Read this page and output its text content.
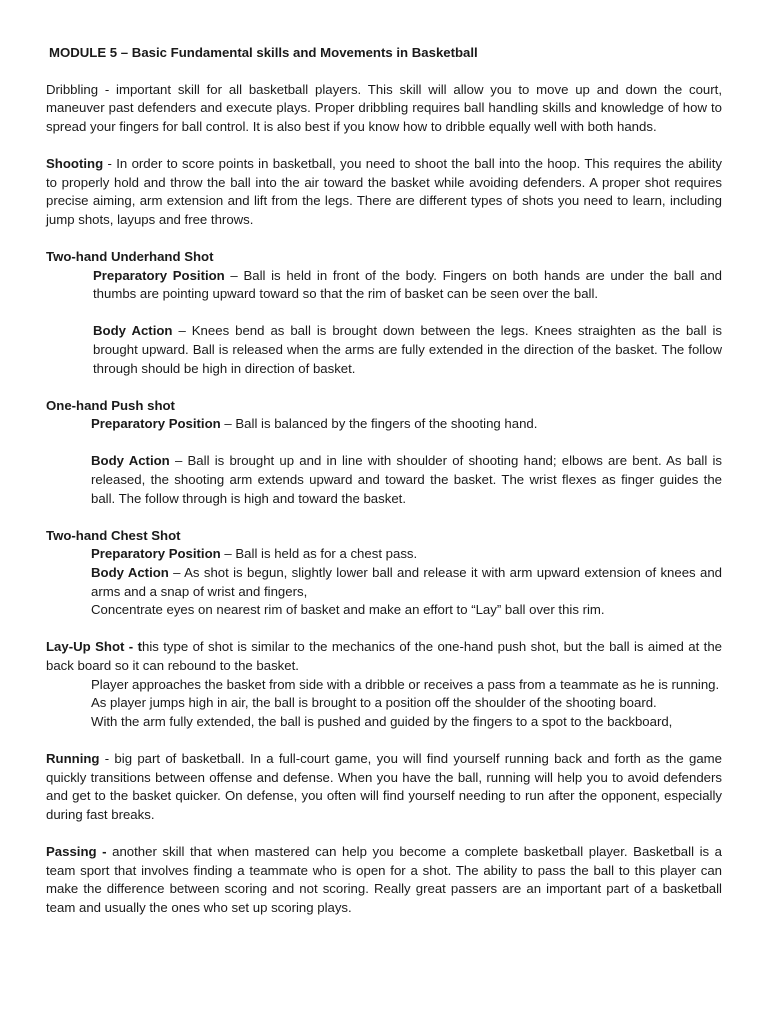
MODULE 5 – Basic Fundamental skills and Movements in Basketball

Dribbling - important skill for all basketball players. This skill will allow you to move up and down the court, maneuver past defenders and execute plays. Proper dribbling requires ball handling skills and knowledge of how to spread your fingers for ball control. It is also best if you know how to dribble equally well with both hands.

Shooting - In order to score points in basketball, you need to shoot the ball into the hoop. This requires the ability to properly hold and throw the ball into the air toward the basket while avoiding defenders. A proper shot requires precise aiming, arm extension and lift from the legs. There are different types of shots you need to learn, including jump shots, layups and free throws.

Two-hand Underhand Shot

Preparatory Position – Ball is held in front of the body. Fingers on both hands are under the ball and thumbs are pointing upward toward so that the rim of basket can be seen over the ball.

Body Action – Knees bend as ball is brought down between the legs. Knees straighten as the ball is brought upward. Ball is released when the arms are fully extended in the direction of the basket. The follow through should be high in direction of basket.

One-hand Push shot

Preparatory Position – Ball is balanced by the fingers of the shooting hand.

Body Action – Ball is brought up and in line with shoulder of shooting hand; elbows are bent. As ball is released, the shooting arm extends upward and toward the basket. The wrist flexes as finger guides the ball. The follow through is high and toward the basket.

Two-hand Chest Shot

Preparatory Position – Ball is held as for a chest pass.

Body Action – As shot is begun, slightly lower ball and release it with arm upward extension of knees and arms and a snap of wrist and fingers,

Concentrate eyes on nearest rim of basket and make an effort to “Lay” ball over this rim.

Lay-Up Shot - this type of shot is similar to the mechanics of the one-hand push shot, but the ball is aimed at the back board so it can rebound to the basket.

Player approaches the basket from side with a dribble or receives a pass from a teammate as he is running.

As player jumps high in air, the ball is brought to a position off the shoulder of the shooting board.

With the arm fully extended, the ball is pushed and guided by the fingers to a spot to the backboard,

Running - big part of basketball. In a full-court game, you will find yourself running back and forth as the game quickly transitions between offense and defense. When you have the ball, running will help you to avoid defenders and get to the basket quicker. On defense, you often will find yourself needing to run after the opponent, especially during fast breaks.

Passing - another skill that when mastered can help you become a complete basketball player. Basketball is a team sport that involves finding a teammate who is open for a shot. The ability to pass the ball to this player can make the difference between scoring and not scoring. Really great passers are an important part of a basketball team and usually the ones who set up scoring plays.
